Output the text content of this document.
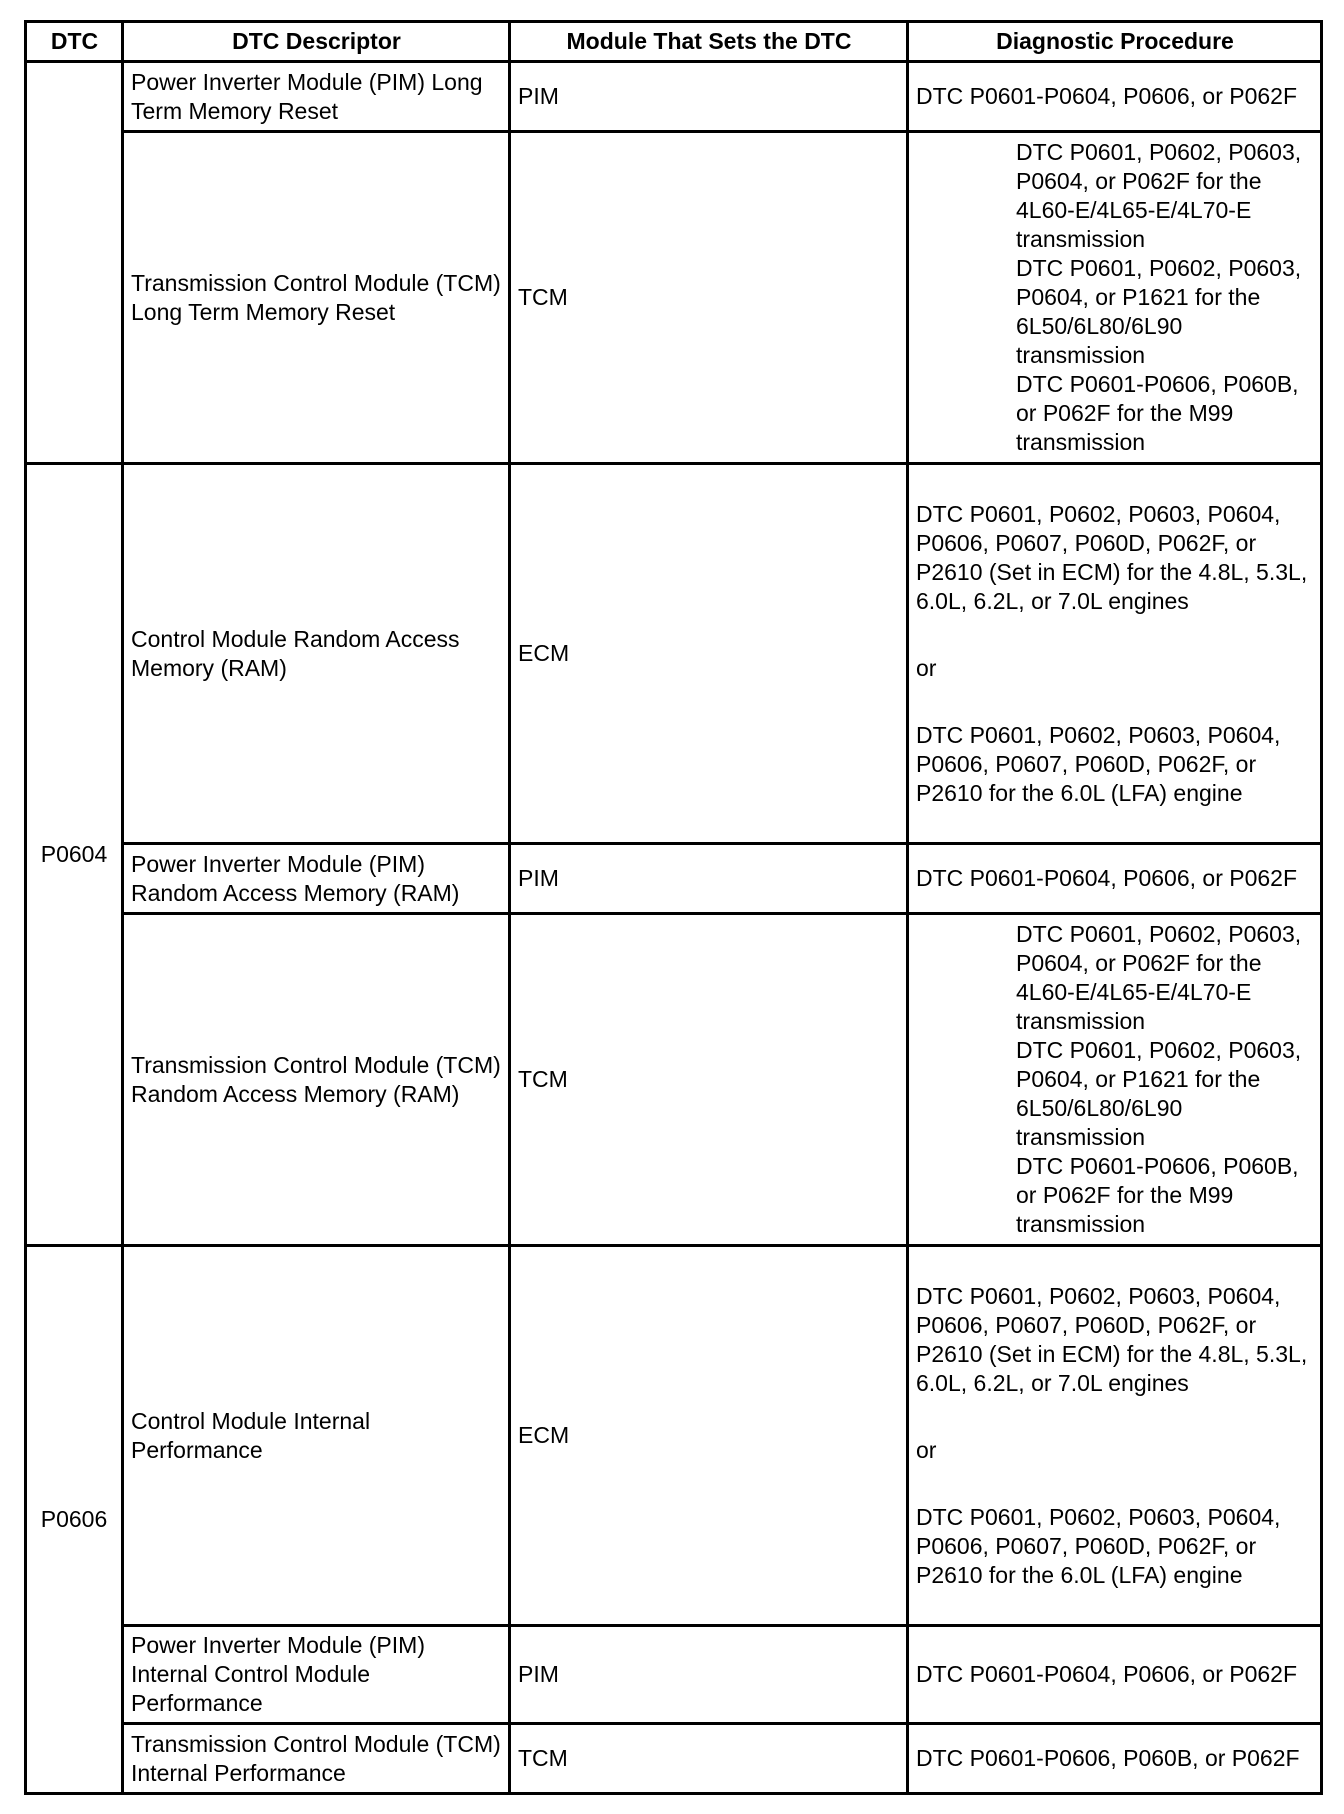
DTC	DTC Descriptor	Module That Sets the DTC	Diagnostic Procedure
	Power Inverter Module (PIM) Long Term Memory Reset	PIM	DTC P0601-P0604, P0606, or P062F

	Transmission Control Module (TCM) Long Term Memory Reset	TCM	DTC P0601, P0602, P0603, P0604, or P062F for the 4L60-E/4L65-E/4L70-E transmission
DTC P0601, P0602, P0603, P0604, or P1621 for the 6L50/6L80/6L90 transmission
DTC P0601-P0606, P060B, or P062F for the M99 transmission

P0604	Control Module Random Access Memory (RAM)	ECM	DTC P0601, P0602, P0603, P0604, P0606, P0607, P060D, P062F, or P2610 (Set in ECM) for the 4.8L, 5.3L, 6.0L, 6.2L, or 7.0L engines
or
DTC P0601, P0602, P0603, P0604, P0606, P0607, P060D, P062F, or P2610 for the 6.0L (LFA) engine

	Power Inverter Module (PIM) Random Access Memory (RAM)	PIM	DTC P0601-P0604, P0606, or P062F

	Transmission Control Module (TCM) Random Access Memory (RAM)	TCM	DTC P0601, P0602, P0603, P0604, or P062F for the 4L60-E/4L65-E/4L70-E transmission
DTC P0601, P0602, P0603, P0604, or P1621 for the 6L50/6L80/6L90 transmission
DTC P0601-P0606, P060B, or P062F for the M99 transmission

P0606	Control Module Internal Performance	ECM	DTC P0601, P0602, P0603, P0604, P0606, P0607, P060D, P062F, or P2610 (Set in ECM) for the 4.8L, 5.3L, 6.0L, 6.2L, or 7.0L engines
or
DTC P0601, P0602, P0603, P0604, P0606, P0607, P060D, P062F, or P2610 for the 6.0L (LFA) engine

	Power Inverter Module (PIM) Internal Control Module Performance	PIM	DTC P0601-P0604, P0606, or P062F

	Transmission Control Module (TCM) Internal Performance	TCM	DTC P0601-P0606, P060B, or P062F
